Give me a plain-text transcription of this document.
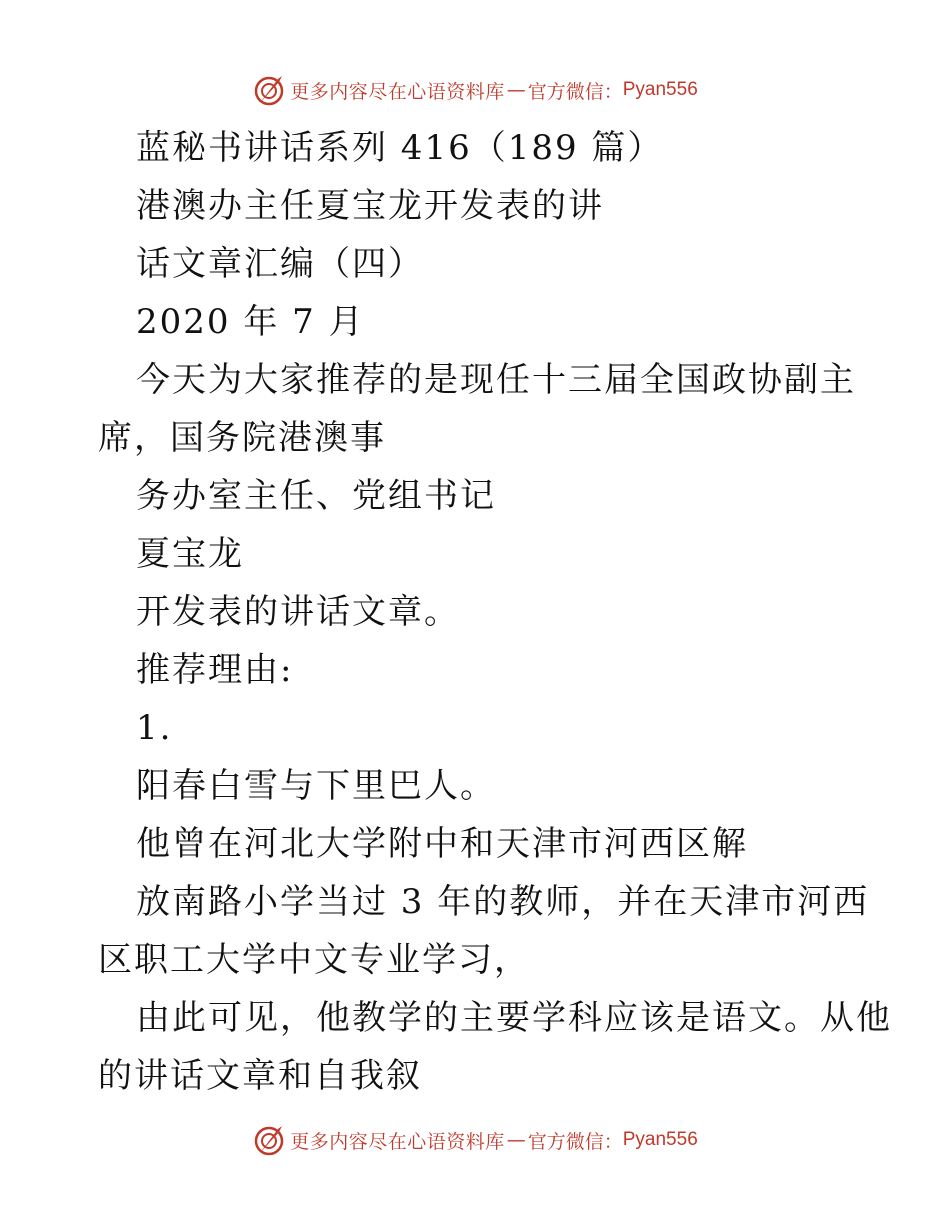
更多内容尽在心语资料库 — 官方微信： Pyan556
蓝秘书讲话系列 416（189 篇）
港澳办主任夏宝龙开发表的讲
话文章汇编（四）
2020 年 7 月
今天为大家推荐的是现任十三届全国政协副主
席，国务院港澳事
务办室主任、党组书记
夏宝龙
开发表的讲话文章。
推荐理由:
1.
阳春白雪与下里巴人。
他曾在河北大学附中和天津市河西区解
放南路小学当过 3 年的教师，并在天津市河西
区职工大学中文专业学习，
由此可见，他教学的主要学科应该是语文。从他
的讲话文章和自我叙
更多内容尽在心语资料库 — 官方微信： Pyan556
